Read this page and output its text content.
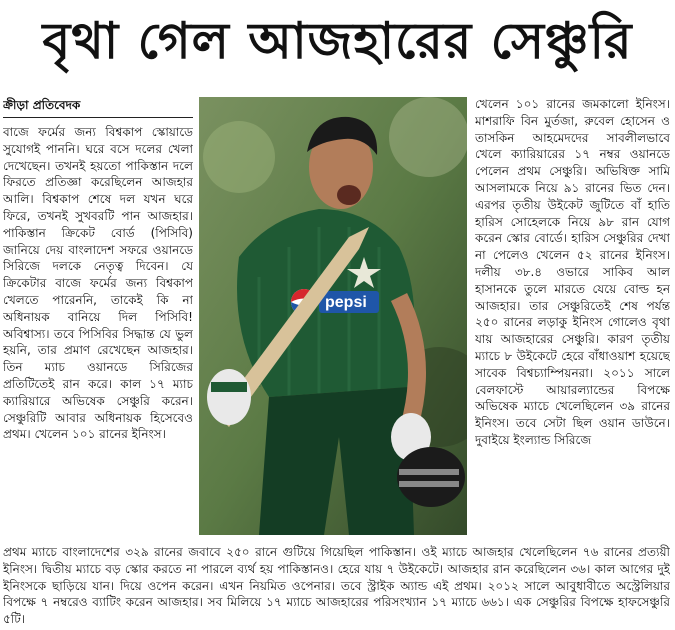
বৃথা গেল আজহারের সেঞ্চুরি
ক্রীড়া প্রতিবেদক

বাজে ফর্মের জন্য বিশ্বকাপ স্কোয়াডে সুযোগই পাননি। ঘরে বসে দলের খেলা দেখেছেন। তখনই হয়তো পাকিস্তান দলে ফিরতে প্রতিজ্ঞা করেছিলেন আজহার আলি। বিশ্বকাপ শেষে দল যখন ঘরে ফিরে, তখনই সুখবরটি পান আজহার। পাকিস্তান ক্রিকেট বোর্ড (পিসিবি) জানিয়ে দেয় বাংলাদেশ সফরে ওয়ানডে সিরিজে দলকে নেতৃত্ব দিবেন। যে ক্রিকেটার বাজে ফর্মের জন্য বিশ্বকাপ খেলতে পারেননি, তাকেই কি না অধিনায়ক বানিয়ে দিল পিসিবি! অবিশ্বাস্য। তবে পিসিবির সিদ্ধান্ত যে ভুল হয়নি, তার প্রমাণ রেখেছেন আজহার। তিন ম্যাচ ওয়ানডে সিরিজের প্রতিটিতেই রান করে। কাল ১৭ ম্যাচ ক্যারিয়ারে অভিষেক সেঞ্চুরি করেন। সেঞ্চুরিটি আবার অধিনায়ক হিসেবেও প্রথম। খেলেন ১০১ রানের ইনিংস।

pepsi

খেলেন ১০১ রানের জমকালো ইনিংস। মাশরাফি বিন মুর্তজা, রুবেল হোসেন ও তাসকিন আহমেদদের সাবলীলভাবে খেলে ক্যারিয়ারের ১৭ নম্বর ওয়ানডে পেলেন প্রথম সেঞ্চুরি। অভিষিক্ত সামি আসলামকে নিয়ে ৯১ রানের ভিত দেন। এরপর তৃতীয় উইকেট জুটিতে বাঁ হাতি হারিস সোহেলকে নিয়ে ৯৮ রান যোগ করেন স্কোর বোর্ডে। হারিস সেঞ্চুরির দেখা না পেলেও খেলেন ৫২ রানের ইনিংস। দলীয় ৩৮.৪ ওভারে সাকিব আল হাসানকে তুলে মারতে যেয়ে বোল্ড হন আজহার। তার সেঞ্চুরিতেই শেষ পর্যন্ত ২৫০ রানের লড়াকু ইনিংস গোলেও বৃথা যায় আজহারের সেঞ্চুরি। কারণ তৃতীয় ম্যাচে ৮ উইকেটে হেরে বাঁধাওয়াশ হয়েছে সাবেক বিশ্বচ্যাম্পিয়নরা। ২০১১ সালে বেলফাস্টে আয়ারল্যান্ডের বিপক্ষে অভিষেক ম্যাচে খেলেছিলেন ৩৯ রানের ইনিংস। তবে সেটা ছিল ওয়ান ডাউনে। দুবাইয়ে ইংল্যান্ড সিরিজে

প্রথম ম্যাচে বাংলাদেশের ৩২৯ রানের জবাবে ২৫০ রানে গুটিয়ে গিয়েছিল পাকিস্তান। ওই ম্যাচে আজহার খেলেছিলেন ৭৬ রানের প্রত্যয়ী ইনিংস। দ্বিতীয় ম্যাচে বড় স্কোর করতে না পারলে ব্যর্থ হয় পাকিস্তানও। হেরে যায় ৭ উইকেটে। আজহার রান করেছিলেন ৩৬। কাল আগের দুই ইনিংসকে ছাড়িয়ে যান। দিয়ে ওপেন করেন। এখন নিয়মিত ওপেনার। তবে স্ট্রাইক অ্যান্ড এই প্রথম। ২০১২ সালে আবুধাবীতে অস্ট্রেলিয়ার বিপক্ষে ৭ নম্বরেও ব্যাটিং করেন আজহার। সব মিলিয়ে ১৭ ম্যাচে আজহারের পরিসংখ্যান ১৭ ম্যাচে ৬৬১। এক সেঞ্চুরির বিপক্ষে হাফসেঞ্চুরি ৫টি।
